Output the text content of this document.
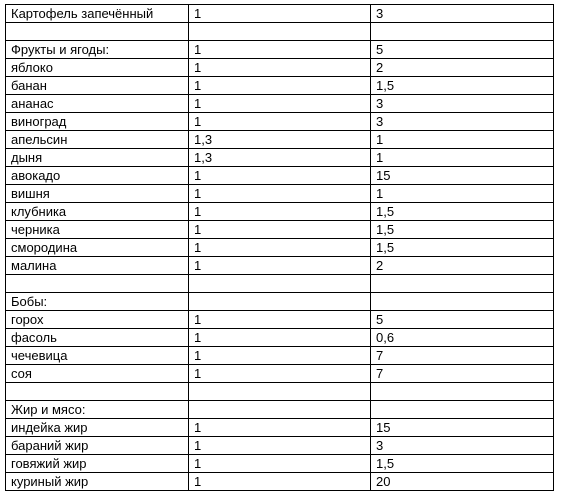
Картофель запечённый	1	3

Фрукты и ягоды:	1	5
яблоко	1	2
банан	1	1,5
ананас	1	3
виноград	1	3
апельсин	1,3	1
дыня	1,3	1
авокадо	1	15
вишня	1	1
клубника	1	1,5
черника	1	1,5
смородина	1	1,5
малина	1	2

Бобы:		
горох	1	5
фасоль	1	0,6
чечевица	1	7
соя	1	7

Жир и мясо:		
индейка жир	1	15
бараний жир	1	3
говяжий жир	1	1,5
куриный жир	1	20
